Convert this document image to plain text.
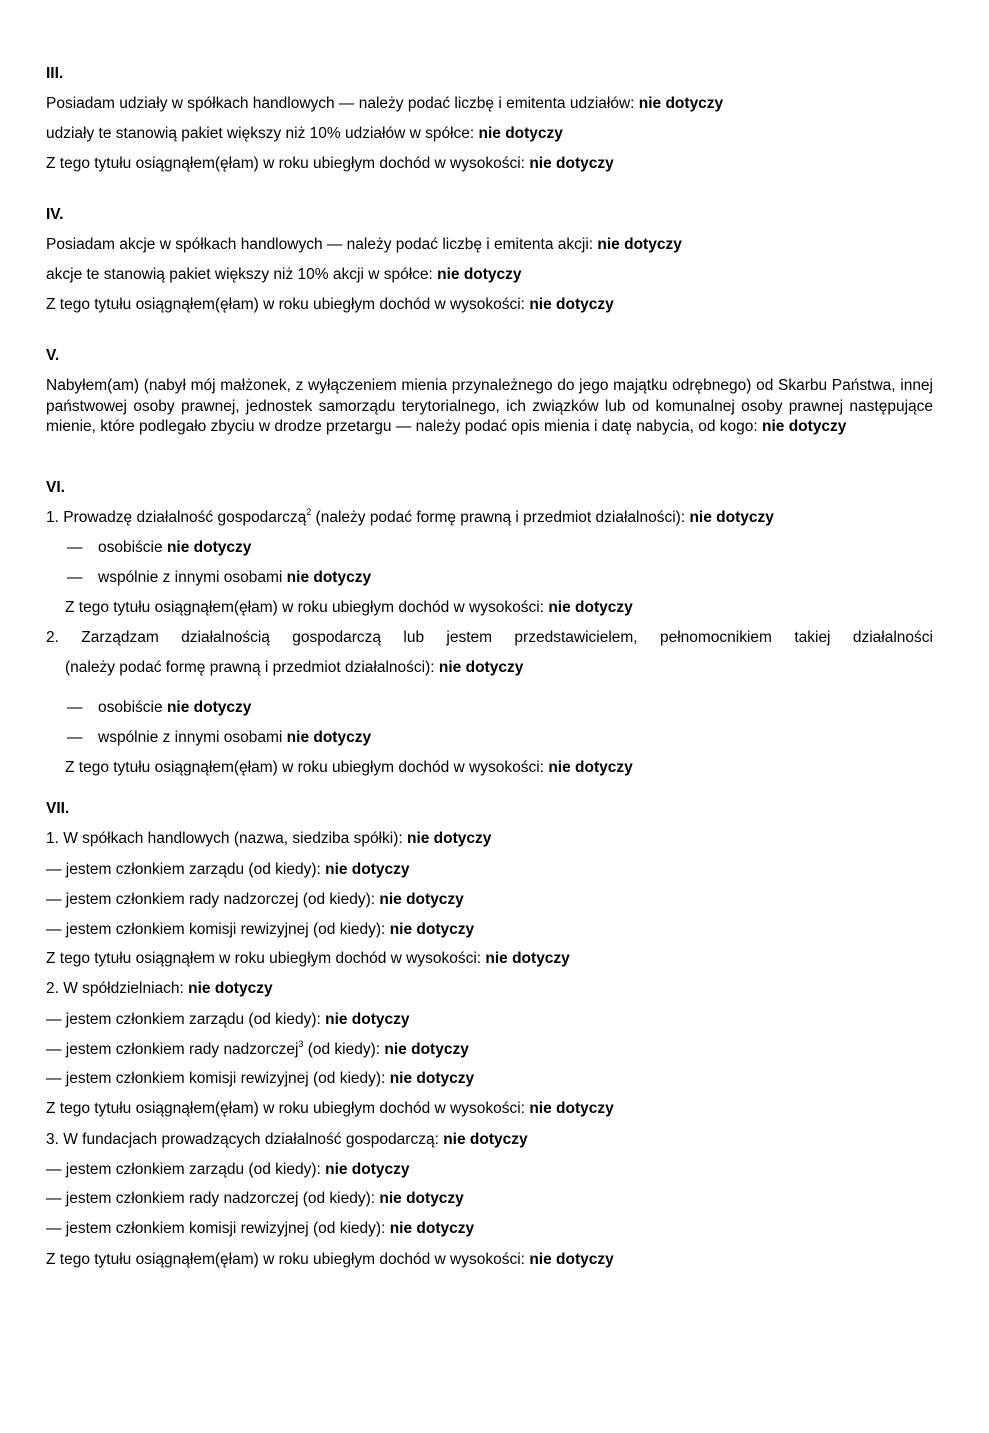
III.
Posiadam udziały w spółkach handlowych — należy podać liczbę i emitenta udziałów: nie dotyczy
udziały te stanowią pakiet większy niż 10% udziałów w spółce: nie dotyczy
Z tego tytułu osiągnąłem(ęłam) w roku ubiegłym dochód w wysokości: nie dotyczy
IV.
Posiadam akcje w spółkach handlowych — należy podać liczbę i emitenta akcji: nie dotyczy
akcje te stanowią pakiet większy niż 10% akcji w spółce: nie dotyczy
Z tego tytułu osiągnąłem(ęłam) w roku ubiegłym dochód w wysokości: nie dotyczy
V.
Nabyłem(am) (nabył mój małżonek, z wyłączeniem mienia przynależnego do jego majątku odrębnego) od Skarbu Państwa, innej państwowej osoby prawnej, jednostek samorządu terytorialnego, ich związków lub od komunalnej osoby prawnej następujące mienie, które podlegało zbyciu w drodze przetargu — należy podać opis mienia i datę nabycia, od kogo: nie dotyczy
VI.
1. Prowadzę działalność gospodarczą$^2$ (należy podać formę prawną i przedmiot działalności): nie dotyczy
— osobiście nie dotyczy
— wspólnie z innymi osobami nie dotyczy
Z tego tytułu osiągnąłem(ęłam) w roku ubiegłym dochód w wysokości: nie dotyczy
2. Zarządzam działalnością gospodarczą lub jestem przedstawicielem, pełnomocnikiem takiej działalności
(należy podać formę prawną i przedmiot działalności): nie dotyczy
— osobiście nie dotyczy
— wspólnie z innymi osobami nie dotyczy
Z tego tytułu osiągnąłem(ęłam) w roku ubiegłym dochód w wysokości: nie dotyczy
VII.
1. W spółkach handlowych (nazwa, siedziba spółki): nie dotyczy
— jestem członkiem zarządu (od kiedy): nie dotyczy
— jestem członkiem rady nadzorczej (od kiedy): nie dotyczy
— jestem członkiem komisji rewizyjnej (od kiedy): nie dotyczy
Z tego tytułu osiągnąłem w roku ubiegłym dochód w wysokości: nie dotyczy
2. W spółdzielniach: nie dotyczy
— jestem członkiem zarządu (od kiedy): nie dotyczy
— jestem członkiem rady nadzorczej$^3$ (od kiedy): nie dotyczy
— jestem członkiem komisji rewizyjnej (od kiedy): nie dotyczy
Z tego tytułu osiągnąłem(ęłam) w roku ubiegłym dochód w wysokości: nie dotyczy
3. W fundacjach prowadzących działalność gospodarczą: nie dotyczy
— jestem członkiem zarządu (od kiedy): nie dotyczy
— jestem członkiem rady nadzorczej (od kiedy): nie dotyczy
— jestem członkiem komisji rewizyjnej (od kiedy): nie dotyczy
Z tego tytułu osiągnąłem(ęłam) w roku ubiegłym dochód w wysokości: nie dotyczy
